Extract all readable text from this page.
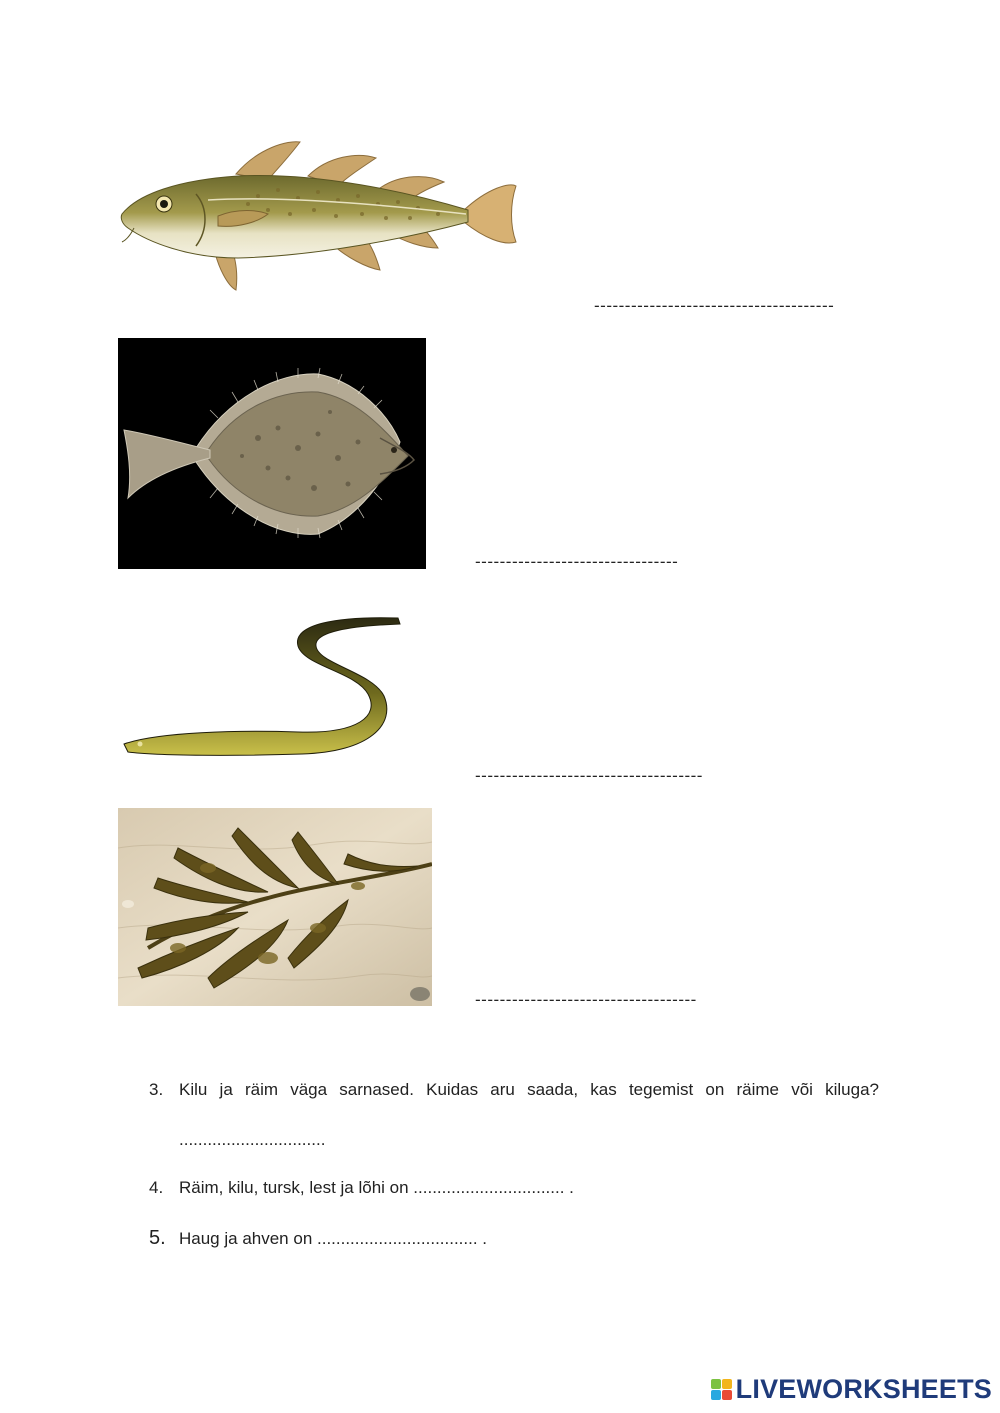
---------------------------------------
---------------------------------
-------------------------------------
------------------------------------
3. Kilu ja räim väga sarnased. Kuidas aru saada, kas tegemist on räime või kiluga?
...............................
4. Räim, kilu, tursk, lest ja lõhi on ................................ .
5. Haug ja ahven on .................................. .
LIVEWORKSHEETS
